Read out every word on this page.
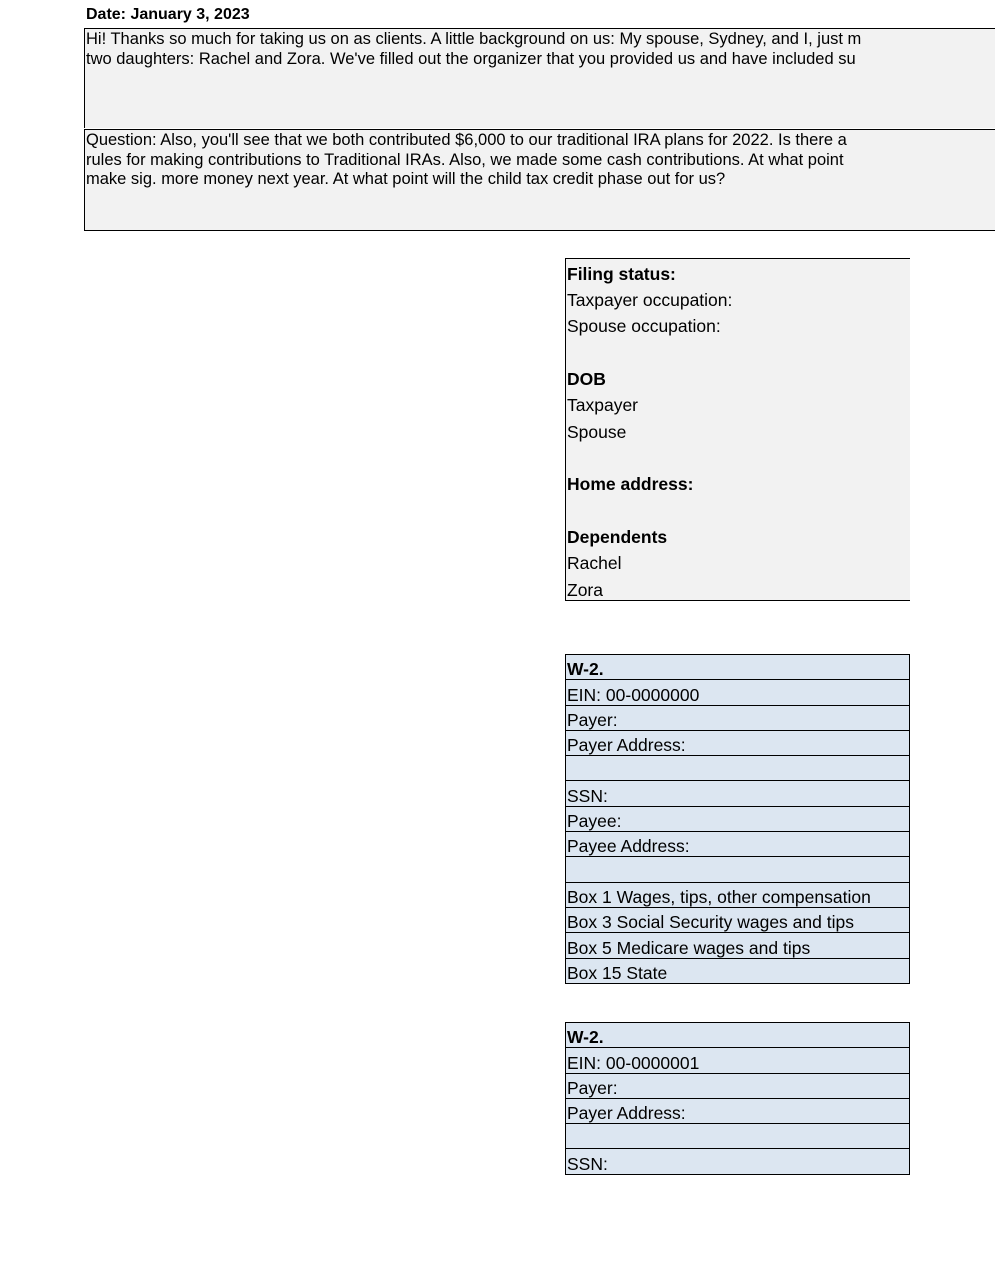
Date: January 3, 2023
Hi! Thanks so much for taking us on as clients. A little background on us: My spouse, Sydney, and I, just m
two daughters: Rachel and Zora. We've filled out the organizer that you provided us and have included su
Question: Also, you'll see that we both contributed $6,000 to our traditional IRA plans for 2022. Is there a
rules for making contributions to Traditional IRAs. Also, we made some cash contributions. At what point
make sig. more money next year. At what point will the child tax credit phase out for us?
Filing status:
Taxpayer occupation:
Spouse occupation:
DOB
Taxpayer
Spouse
Home address:
Dependents
Rachel
Zora
W-2.
EIN: 00-0000000
Payer:
Payer Address:

SSN:
Payee:
Payee Address:

Box 1 Wages, tips, other compensation
Box 3 Social Security wages and tips
Box 5 Medicare wages and tips
Box 15 State
W-2.
EIN: 00-0000001
Payer:
Payer Address:

SSN:
